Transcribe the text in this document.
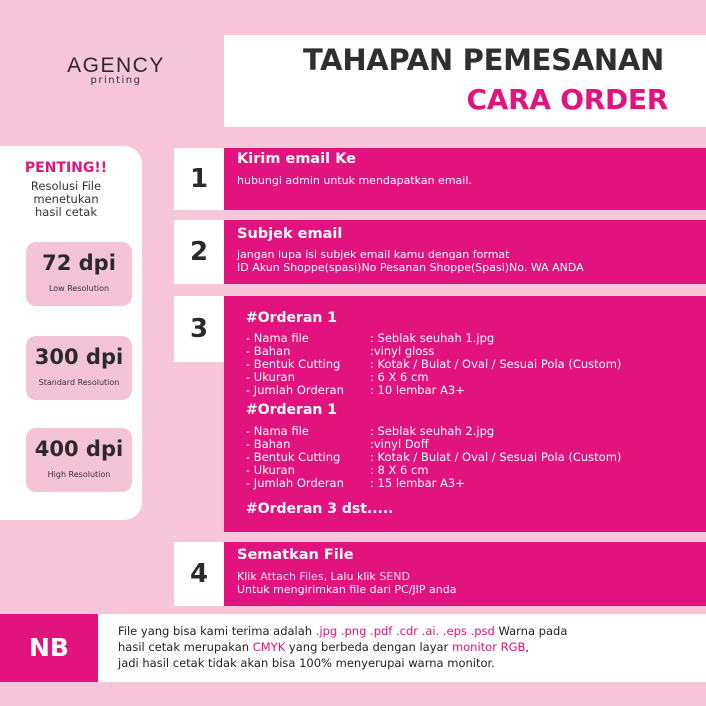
AGENCY
printing
TAHAPAN PEMESANAN
CARA ORDER
PENTING!!
Resolusi File
menetukan
hasil cetak
72 dpi
Low Resolution
300 dpi
Standard Resolution
400 dpi
High Resolution
1
Kirim email Ke
hubungi admin untuk mendapatkan email.
2
Subjek email
jangan lupa isi subjek email kamu dengan format
ID Akun Shoppe(spasi)No Pesanan Shoppe(Spasi)No. WA ANDA
3	#Orderan 1
- Nama file	: Seblak seuhah 1.jpg
- Bahan	:vinyl gloss
- Bentuk Cutting	: Kotak / Bulat / Oval / Sesuai Pola (Custom)
- Ukuran	: 6 X 6 cm
- Jumlah Orderan : 10 lembar A3+
#Orderan 1
- Nama file	: Seblak seuhah 2.jpg
- Bahan	:vinyl Doff
- Bentuk Cutting	: Kotak / Bulat / Oval / Sesuai Pola (Custom)
- Ukuran	: 8 X 6 cm
- Jumlah Orderan : 15 lembar A3+
#Orderan 3 dst.....
4
Sematkan File
Klik Attach Files, Lalu klik SEND
Untuk mengirimkan file dari PC/JIP anda
NB
File yang bisa kami terima adalah .jpg .png .pdf .cdr .ai. .eps .psd Warna pada
hasil cetak merupakan CMYK yang berbeda dengan layar monitor RGB,
jadi hasil cetak tidak akan bisa 100% menyerupai warna monitor.
